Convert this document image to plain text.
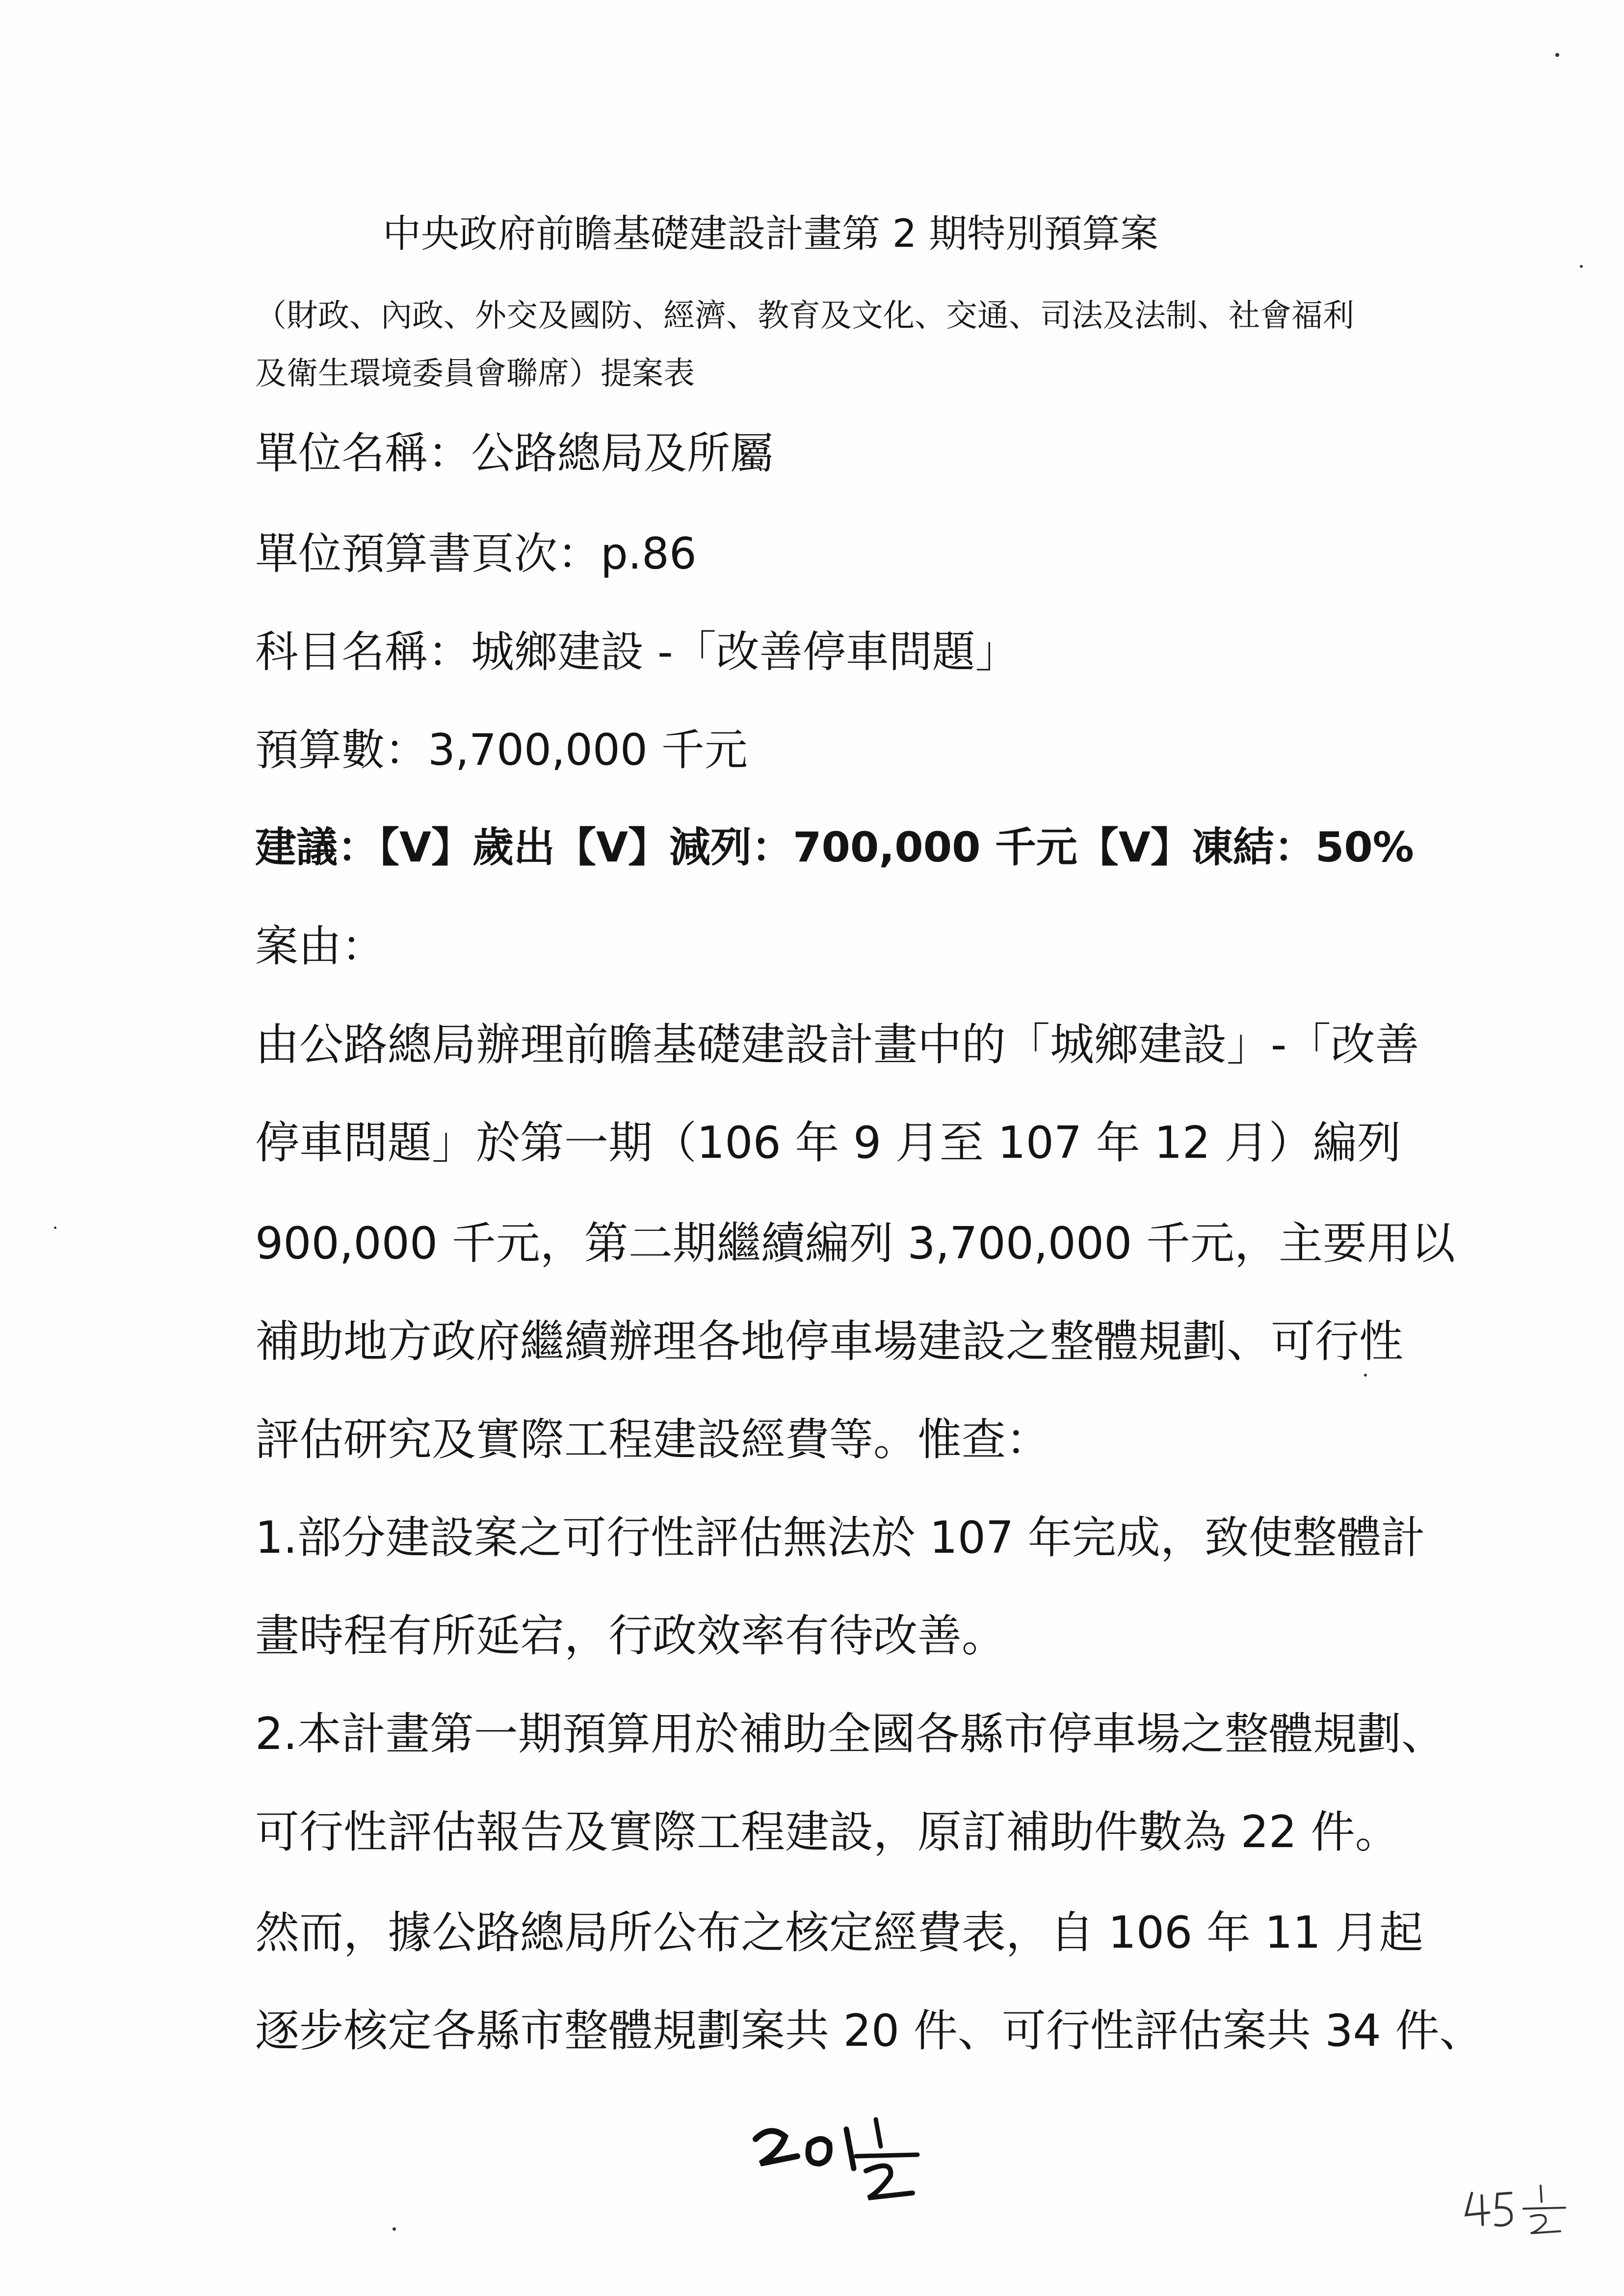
中央政府前瞻基礎建設計畫第 2 期特別預算案
（財政、內政、外交及國防、經濟、教育及文化、交通、司法及法制、社會福利
及衛生環境委員會聯席）提案表
單位名稱：公路總局及所屬
單位預算書頁次：p.86
科目名稱：城鄉建設 -「改善停車問題」
預算數：3,700,000 千元
建議：【V】歲出【V】減列：700,000 千元【V】凍結：50%
案由：
由公路總局辦理前瞻基礎建設計畫中的「城鄉建設」-「改善
停車問題」於第一期（106 年 9 月至 107 年 12 月）編列
900,000 千元，第二期繼續編列 3,700,000 千元，主要用以
補助地方政府繼續辦理各地停車場建設之整體規劃、可行性
評估研究及實際工程建設經費等。惟查：
1.部分建設案之可行性評估無法於 107 年完成，致使整體計
畫時程有所延宕，行政效率有待改善。
2.本計畫第一期預算用於補助全國各縣市停車場之整體規劃、
可行性評估報告及實際工程建設，原訂補助件數為 22 件。
然而，據公路總局所公布之核定經費表，自 106 年 11 月起
逐步核定各縣市整體規劃案共 20 件、可行性評估案共 34 件、
